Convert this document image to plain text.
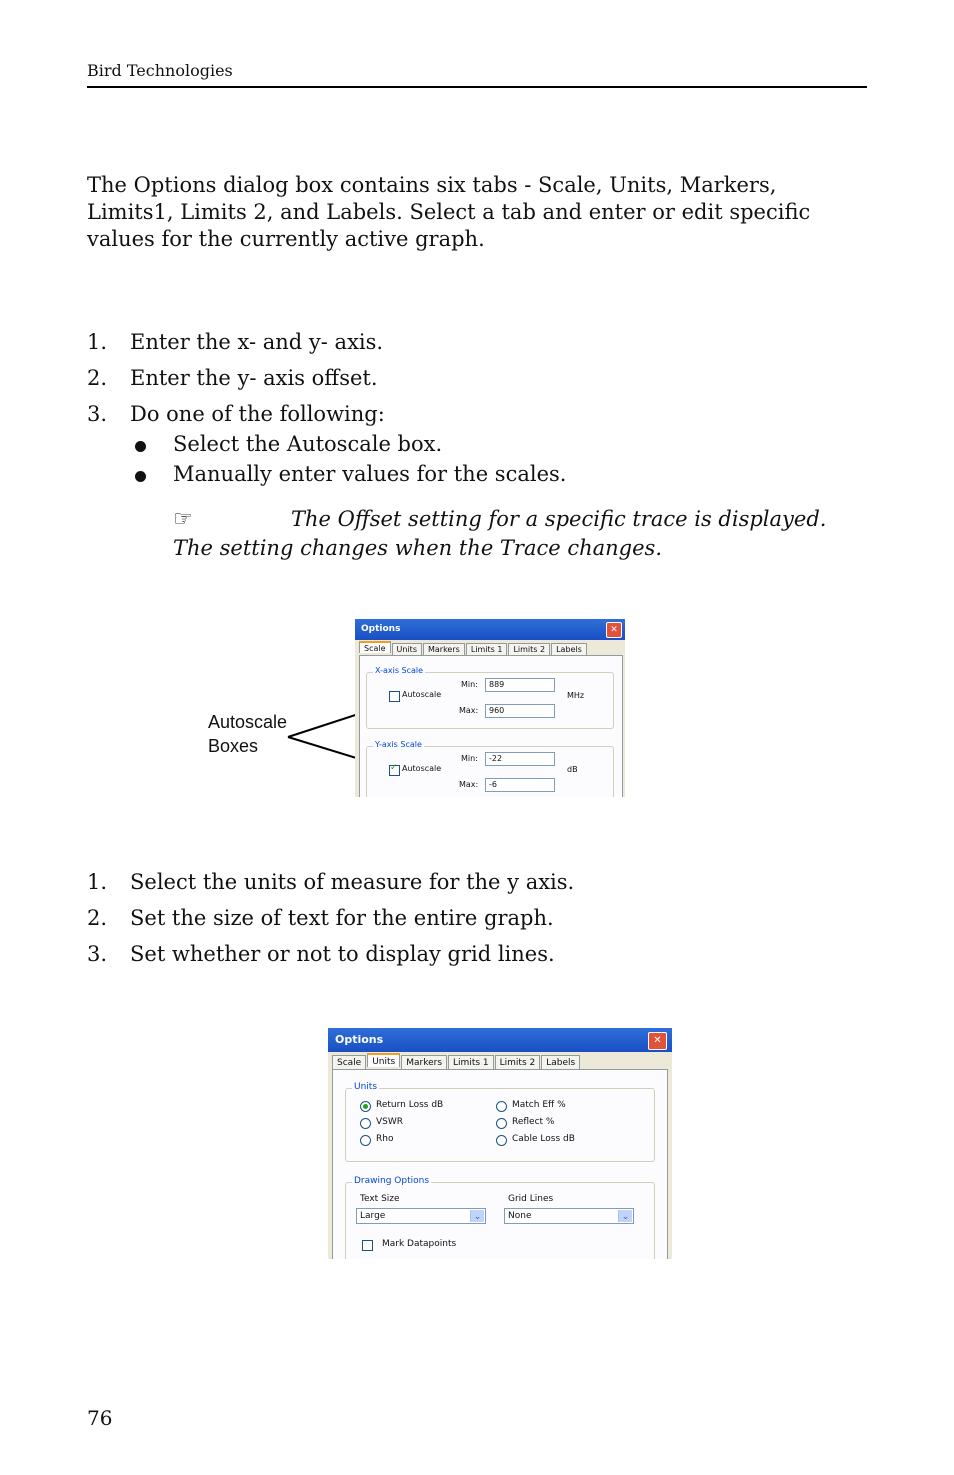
Bird Technologies
The Options dialog box contains six tabs - Scale, Units, Markers, Limits1, Limits 2, and Labels. Select a tab and enter or edit specific values for the currently active graph.
1. Enter the x- and y- axis.
2. Enter the y- axis offset.
3. Do one of the following:
Select the Autoscale box.
Manually enter values for the scales.
☞	The Offset setting for a specific trace is displayed.
The setting changes when the Trace changes.
Autoscale
Boxes
Options	✕
Scale	Units	Markers	Limits 1	Limits 2	Labels
X-axis Scale
Autoscale
Min:	889
MHz
Max:	960
Y-axis Scale
✓
Autoscale
Min:	-22
dB
Max:	-6
1. Select the units of measure for the y axis.
2. Set the size of text for the entire graph.
3. Set whether or not to display grid lines.
Options	✕
Scale	Units	Markers	Limits 1	Limits 2	Labels
Units
Return Loss dB	Match Eff %
VSWR	Reflect %
Rho	Cable Loss dB
Drawing Options
Text Size
Large	⌄
Grid Lines
None	⌄
Mark Datapoints
76
